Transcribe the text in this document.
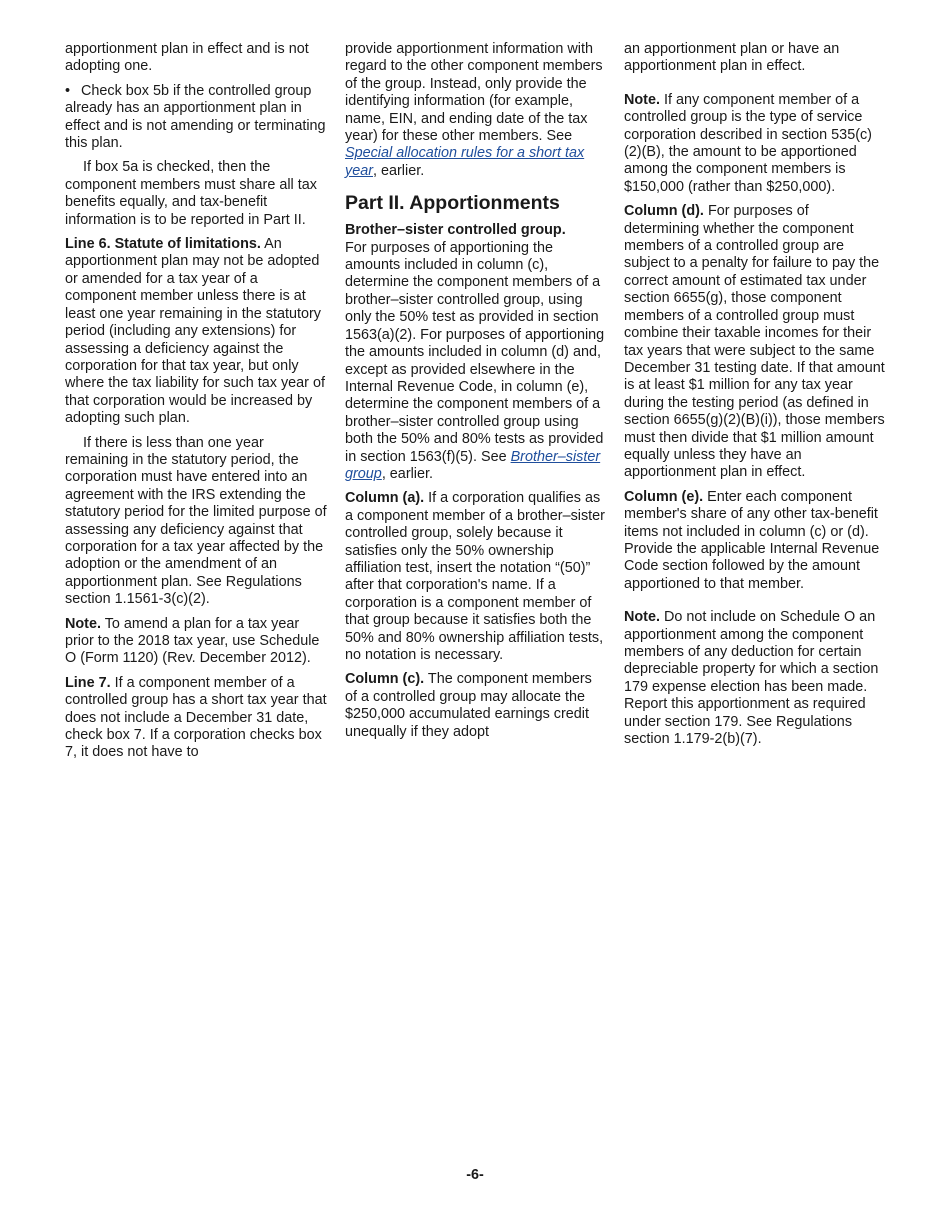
apportionment plan in effect and is not adopting one.

• Check box 5b if the controlled group already has an apportionment plan in effect and is not amending or terminating this plan.

If box 5a is checked, then the component members must share all tax benefits equally, and tax-benefit information is to be reported in Part II.

Line 6. Statute of limitations. An apportionment plan may not be adopted or amended for a tax year of a component member unless there is at least one year remaining in the statutory period (including any extensions) for assessing a deficiency against the corporation for that tax year, but only where the tax liability for such tax year of that corporation would be increased by adopting such plan.

If there is less than one year remaining in the statutory period, the corporation must have entered into an agreement with the IRS extending the statutory period for the limited purpose of assessing any deficiency against that corporation for a tax year affected by the adoption or the amendment of an apportionment plan. See Regulations section 1.1561-3(c)(2).

Note. To amend a plan for a tax year prior to the 2018 tax year, use Schedule O (Form 1120) (Rev. December 2012).

Line 7. If a component member of a controlled group has a short tax year that does not include a December 31 date, check box 7. If a corporation checks box 7, it does not have to

provide apportionment information with regard to the other component members of the group. Instead, only provide the identifying information (for example, name, EIN, and ending date of the tax year) for these other members. See Special allocation rules for a short tax year, earlier.

Part II. Apportionments

Brother–sister controlled group.
For purposes of apportioning the amounts included in column (c), determine the component members of a brother–sister controlled group, using only the 50% test as provided in section 1563(a)(2). For purposes of apportioning the amounts included in column (d) and, except as provided elsewhere in the Internal Revenue Code, in column (e), determine the component members of a brother–sister controlled group using both the 50% and 80% tests as provided in section 1563(f)(5). See Brother–sister group, earlier.

Column (a). If a corporation qualifies as a component member of a brother–sister controlled group, solely because it satisfies only the 50% ownership affiliation test, insert the notation “(50)” after that corporation's name. If a corporation is a component member of that group because it satisfies both the 50% and 80% ownership affiliation tests, no notation is necessary.

Column (c). The component members of a controlled group may allocate the $250,000 accumulated earnings credit unequally if they adopt

an apportionment plan or have an apportionment plan in effect.

Note. If any component member of a controlled group is the type of service corporation described in section 535(c)(2)(B), the amount to be apportioned among the component members is $150,000 (rather than $250,000).

Column (d). For purposes of determining whether the component members of a controlled group are subject to a penalty for failure to pay the correct amount of estimated tax under section 6655(g), those component members of a controlled group must combine their taxable incomes for their tax years that were subject to the same December 31 testing date. If that amount is at least $1 million for any tax year during the testing period (as defined in section 6655(g)(2)(B)(i)), those members must then divide that $1 million amount equally unless they have an apportionment plan in effect.

Column (e). Enter each component member's share of any other tax-benefit items not included in column (c) or (d). Provide the applicable Internal Revenue Code section followed by the amount apportioned to that member.

Note. Do not include on Schedule O an apportionment among the component members of any deduction for certain depreciable property for which a section 179 expense election has been made. Report this apportionment as required under section 179. See Regulations section 1.179-2(b)(7).

-6-
